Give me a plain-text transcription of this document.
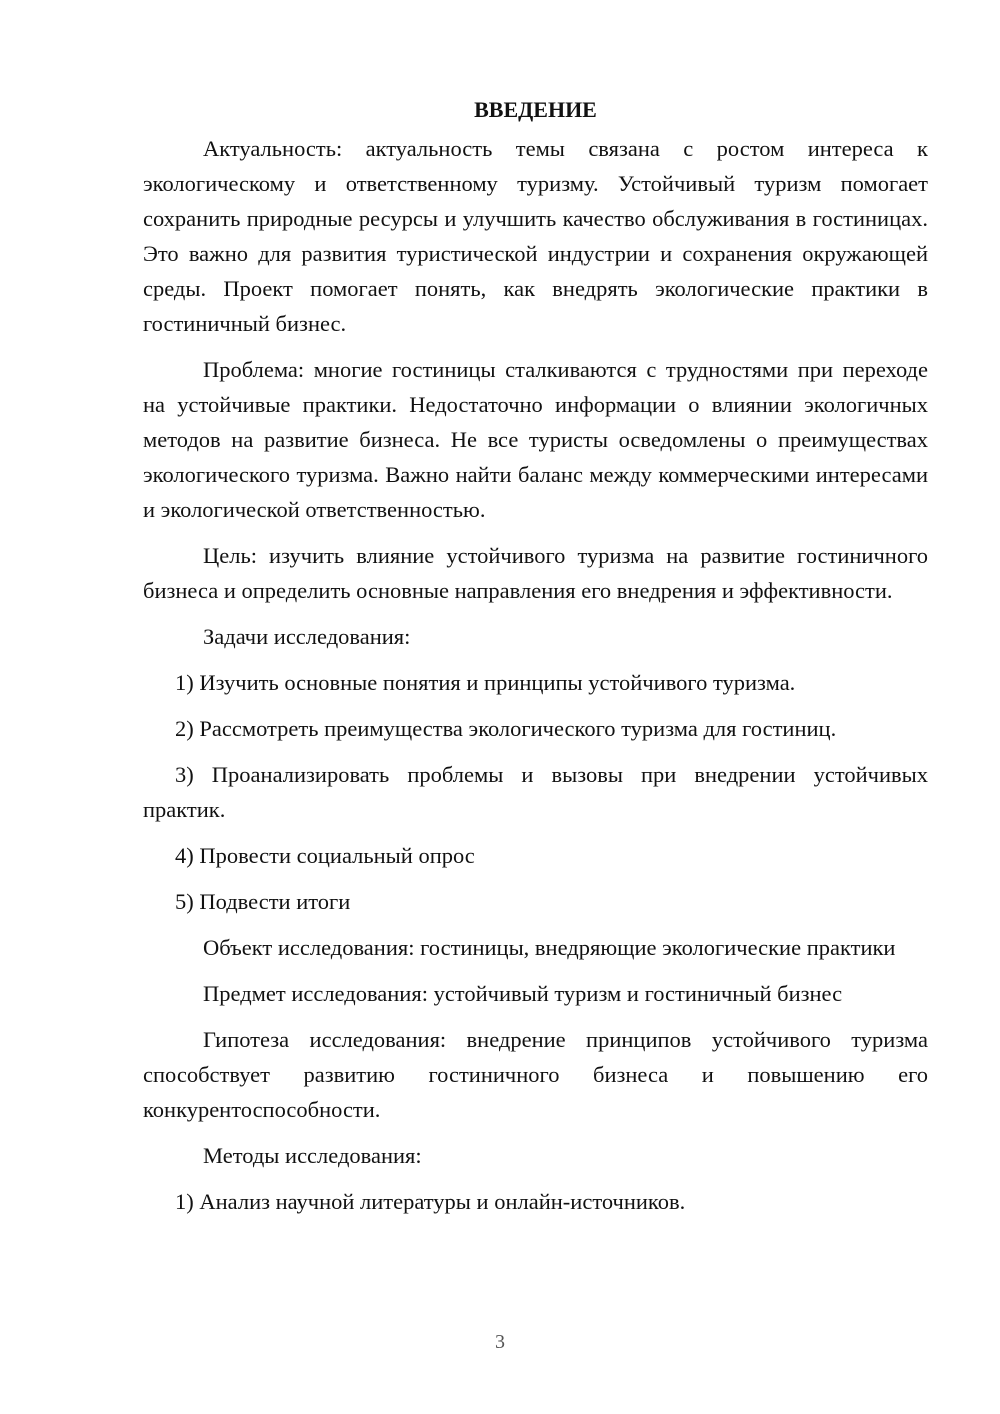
ВВЕДЕНИЕ

Актуальность: актуальность темы связана с ростом интереса к экологическому и ответственному туризму. Устойчивый туризм помогает сохранить природные ресурсы и улучшить качество обслуживания в гостиницах. Это важно для развития туристической индустрии и сохранения окружающей среды. Проект помогает понять, как внедрять экологические практики в гостиничный бизнес.

Проблема: многие гостиницы сталкиваются с трудностями при переходе на устойчивые практики. Недостаточно информации о влиянии экологичных методов на развитие бизнеса. Не все туристы осведомлены о преимуществах экологического туризма. Важно найти баланс между коммерческими интересами и экологической ответственностью.

Цель: изучить влияние устойчивого туризма на развитие гостиничного бизнеса и определить основные направления его внедрения и эффективности.

Задачи исследования:

1) Изучить основные понятия и принципы устойчивого туризма.

2) Рассмотреть преимущества экологического туризма для гостиниц.

3) Проанализировать проблемы и вызовы при внедрении устойчивых практик.

4) Провести социальный опрос

5) Подвести итоги

Объект исследования: гостиницы, внедряющие экологические практики

Предмет исследования: устойчивый туризм и гостиничный бизнес

Гипотеза исследования: внедрение принципов устойчивого туризма способствует развитию гостиничного бизнеса и повышению его конкурентоспособности.

Методы исследования:

1) Анализ научной литературы и онлайн-источников.

3
